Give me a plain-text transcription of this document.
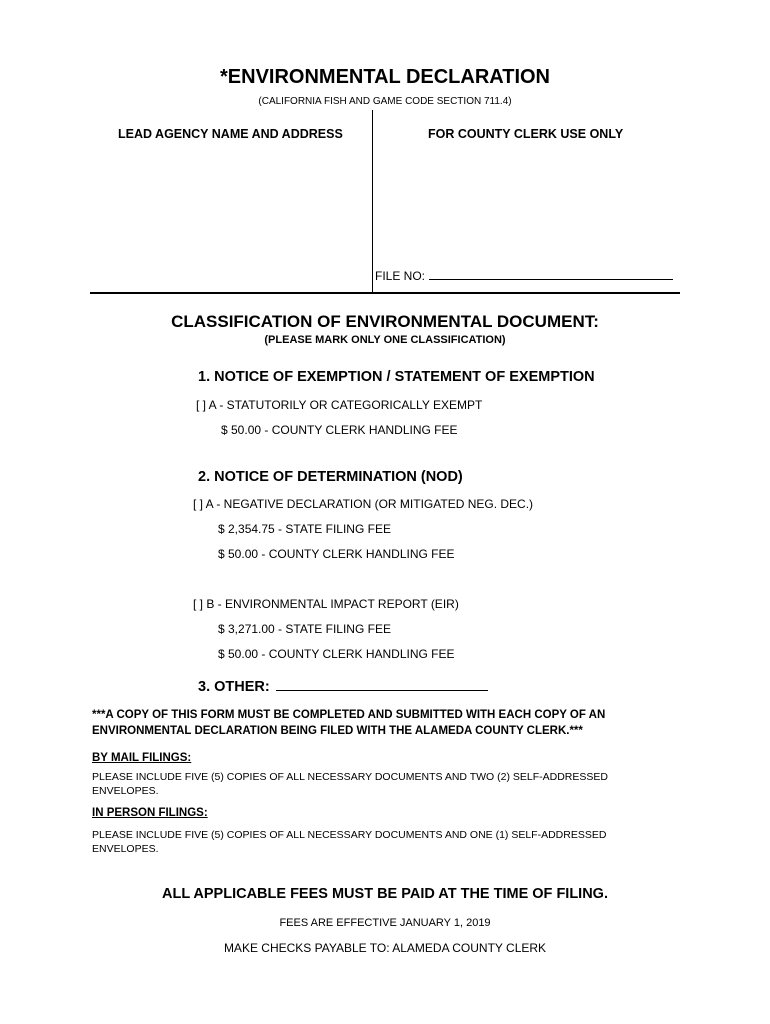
*ENVIRONMENTAL DECLARATION
(CALIFORNIA FISH AND GAME CODE SECTION 711.4)
LEAD AGENCY NAME AND ADDRESS	FOR COUNTY CLERK USE ONLY
FILE NO:
CLASSIFICATION OF ENVIRONMENTAL DOCUMENT:
(PLEASE MARK ONLY ONE CLASSIFICATION)
1. NOTICE OF EXEMPTION / STATEMENT OF EXEMPTION
[ ] A - STATUTORILY OR CATEGORICALLY EXEMPT
$ 50.00 - COUNTY CLERK HANDLING FEE
2. NOTICE OF DETERMINATION (NOD)
[ ] A - NEGATIVE DECLARATION (OR MITIGATED NEG. DEC.)
$ 2,354.75 - STATE FILING FEE
$ 50.00 - COUNTY CLERK HANDLING FEE
[ ] B - ENVIRONMENTAL IMPACT REPORT (EIR)
$ 3,271.00 - STATE FILING FEE
$ 50.00 - COUNTY CLERK HANDLING FEE
3. OTHER:
***A COPY OF THIS FORM MUST BE COMPLETED AND SUBMITTED WITH EACH COPY OF AN ENVIRONMENTAL DECLARATION BEING FILED WITH THE ALAMEDA COUNTY CLERK.***
BY MAIL FILINGS:
PLEASE INCLUDE FIVE (5) COPIES OF ALL NECESSARY DOCUMENTS AND TWO (2) SELF-ADDRESSED ENVELOPES.
IN PERSON FILINGS:
PLEASE INCLUDE FIVE (5) COPIES OF ALL NECESSARY DOCUMENTS AND ONE (1) SELF-ADDRESSED ENVELOPES.
ALL APPLICABLE FEES MUST BE PAID AT THE TIME OF FILING.
FEES ARE EFFECTIVE JANUARY 1, 2019
MAKE CHECKS PAYABLE TO: ALAMEDA COUNTY CLERK
